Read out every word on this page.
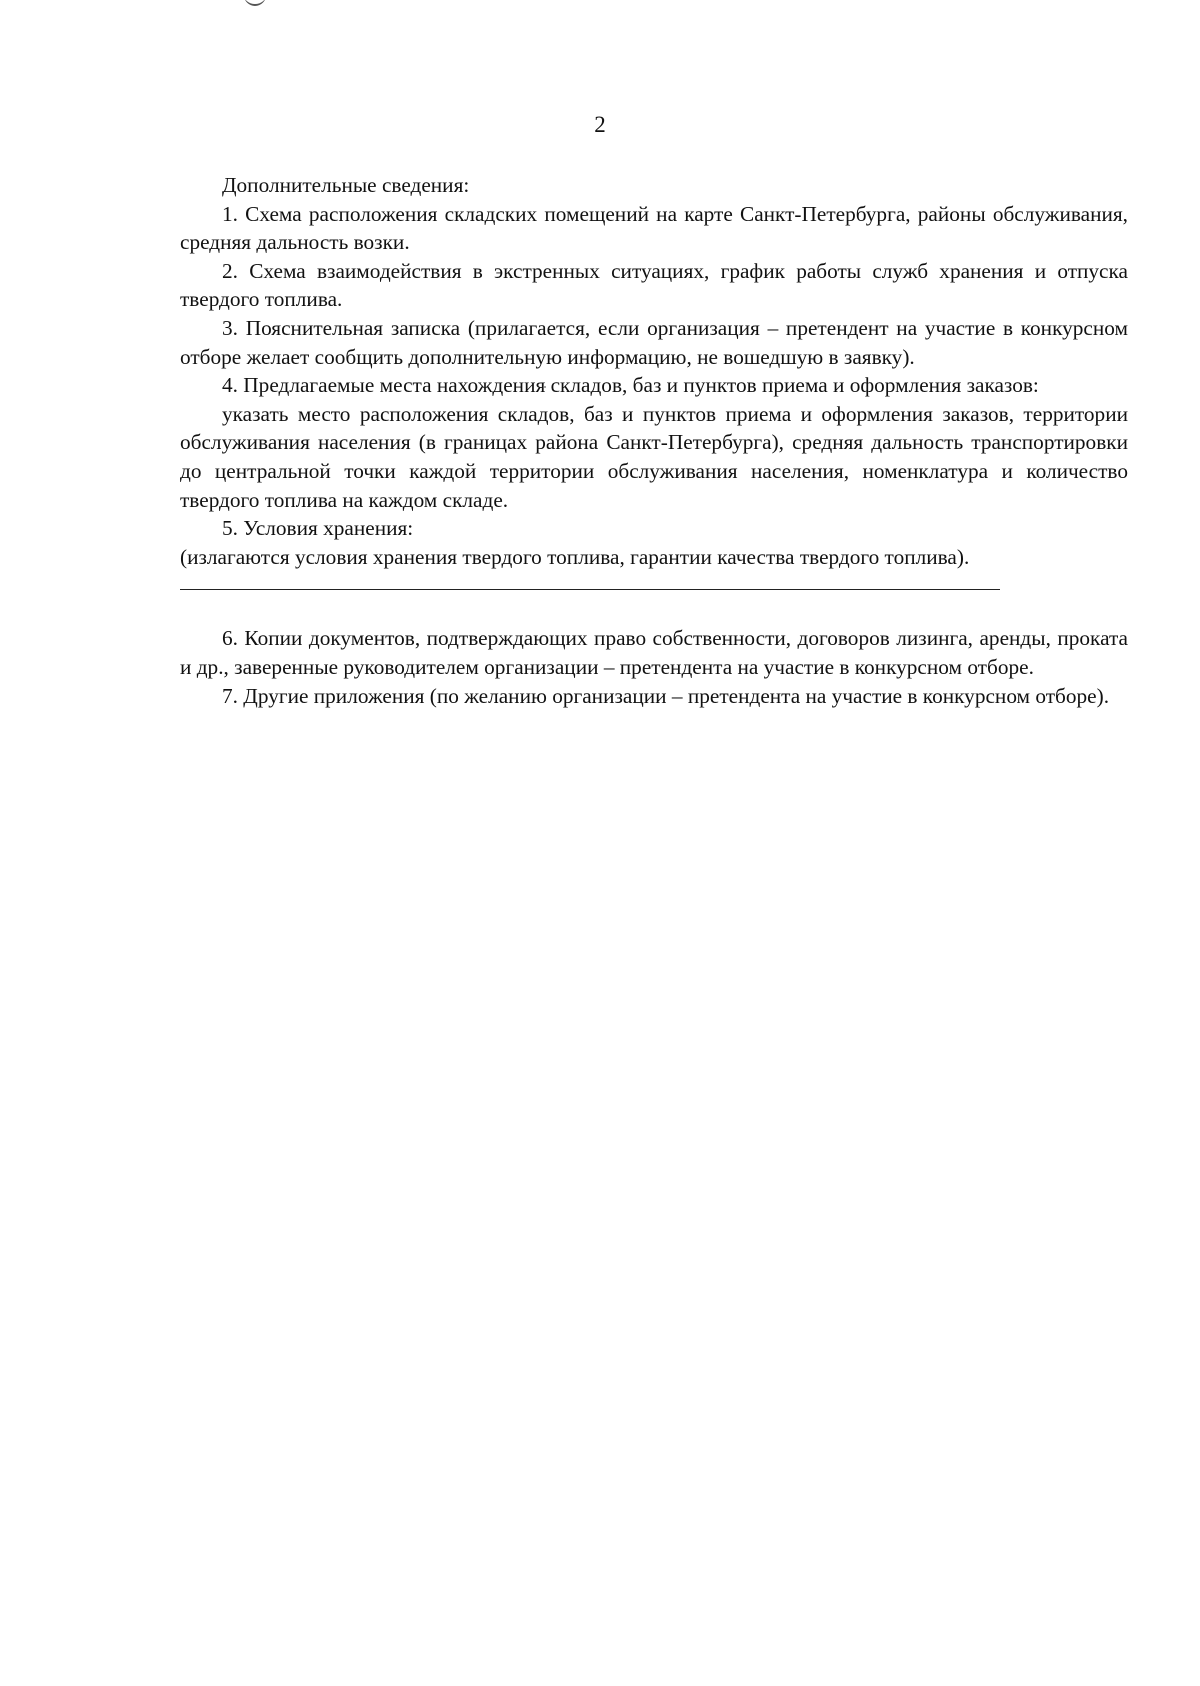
2

Дополнительные сведения:

1. Схема расположения складских помещений на карте Санкт-Петербурга, районы обслуживания, средняя дальность возки.

2. Схема взаимодействия в экстренных ситуациях, график работы служб хранения и отпуска твердого топлива.

3. Пояснительная записка (прилагается, если организация – претендент на участие в конкурсном отборе желает сообщить дополнительную информацию, не вошедшую в заявку).

4. Предлагаемые места нахождения складов, баз и пунктов приема и оформления заказов:

указать место расположения складов, баз и пунктов приема и оформления заказов, территории обслуживания населения (в границах района Санкт-Петербурга), средняя дальность транспортировки до центральной точки каждой территории обслуживания населения, номенклатура и количество твердого топлива на каждом складе.

5. Условия хранения:

(излагаются условия хранения твердого топлива, гарантии качества твердого топлива).

6. Копии документов, подтверждающих право собственности, договоров лизинга, аренды, проката и др., заверенные руководителем организации – претендента на участие в конкурсном отборе.

7. Другие приложения (по желанию организации – претендента на участие в конкурсном отборе).
